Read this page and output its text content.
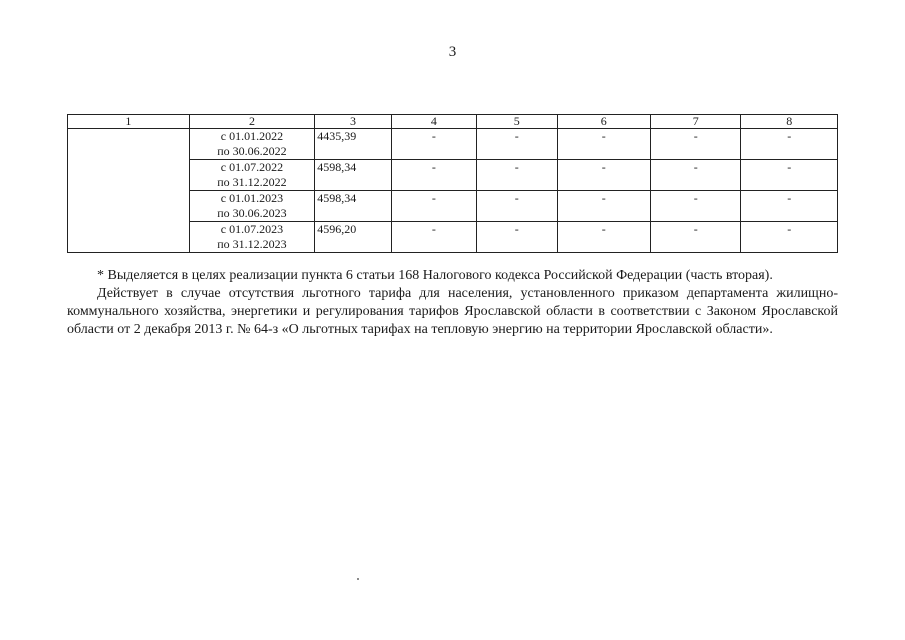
3
1	2	3	4	5	6	7	8

	с 01.01.2022
по 30.06.2022	4435,39	-	-	-	-	-

	с 01.07.2022
по 31.12.2022	4598,34	-	-	-	-	-

	с 01.01.2023
по 30.06.2023	4598,34	-	-	-	-	-

	с 01.07.2023
по 31.12.2023	4596,20	-	-	-	-	-

* Выделяется в целях реализации пункта 6 статьи 168 Налогового кодекса Российской Федерации (часть вторая).

Действует в случае отсутствия льготного тарифа для населения, установленного приказом департамента жилищно-коммунального хозяйства, энергетики и регулирования тарифов Ярославской области в соответствии с Законом Ярославской области от 2 декабря 2013 г. № 64-з «О льготных тарифах на тепловую энергию на территории Ярославской области».
